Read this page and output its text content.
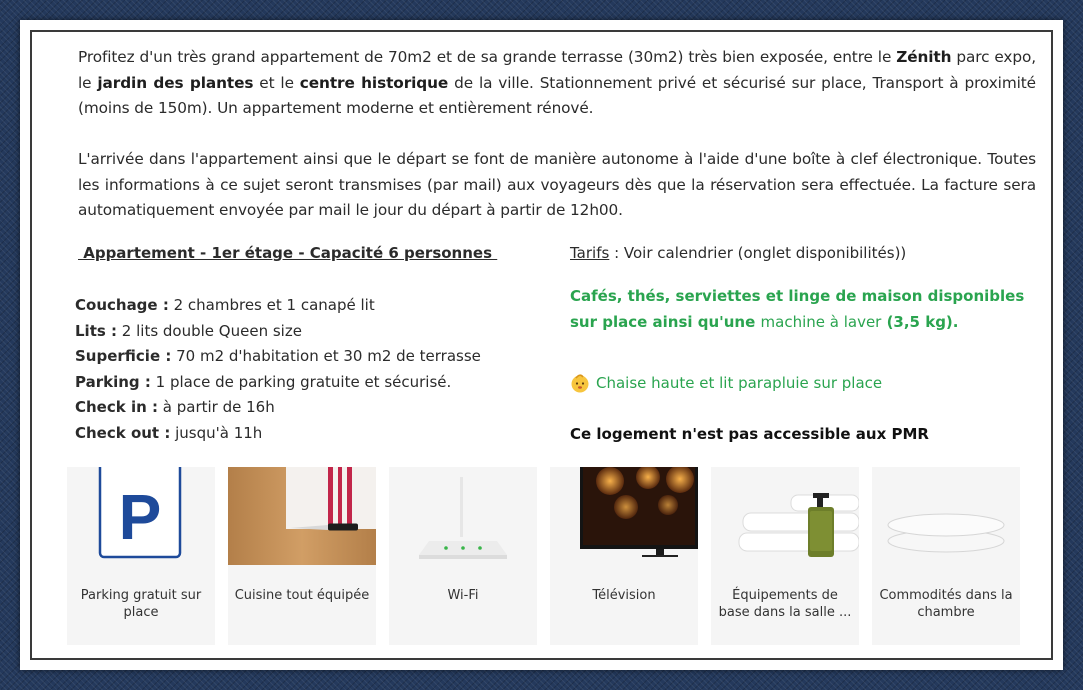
Profitez d'un très grand appartement de 70m2 et de sa grande terrasse (30m2) très bien exposée, entre le Zénith parc expo, le jardin des plantes et le centre historique de la ville. Stationnement privé et sécurisé sur place, Transport à proximité (moins de 150m). Un appartement moderne et entièrement rénové.

L'arrivée dans l'appartement ainsi que le départ se font de manière autonome à l'aide d'une boîte à clef électronique. Toutes les informations à ce sujet seront transmises (par mail) aux voyageurs dès que la réservation sera effectuée. La facture sera automatiquement envoyée par mail le jour du départ à partir de 12h00.

Appartement - 1er étage - Capacité 6 personnes	Tarifs : Voir calendrier (onglet disponibilités))
Couchage : 2 chambres et 1 canapé lit
Lits : 2 lits double Queen size
Superficie : 70 m2 d'habitation et 30 m2 de terrasse
Parking : 1 place de parking gratuite et sécurisé.
Check in : à partir de 16h
Check out : jusqu'à 11h
Cafés, thés, serviettes et linge de maison disponibles sur place ainsi qu'une machine à laver (3,5 kg).
Chaise haute et lit parapluie sur place
Ce logement n'est pas accessible aux PMR
P
Parking gratuit sur place
Cuisine tout équipée	Wi-Fi	Télévision	Équipements de base dans la salle ...
Commodités dans la chambre
